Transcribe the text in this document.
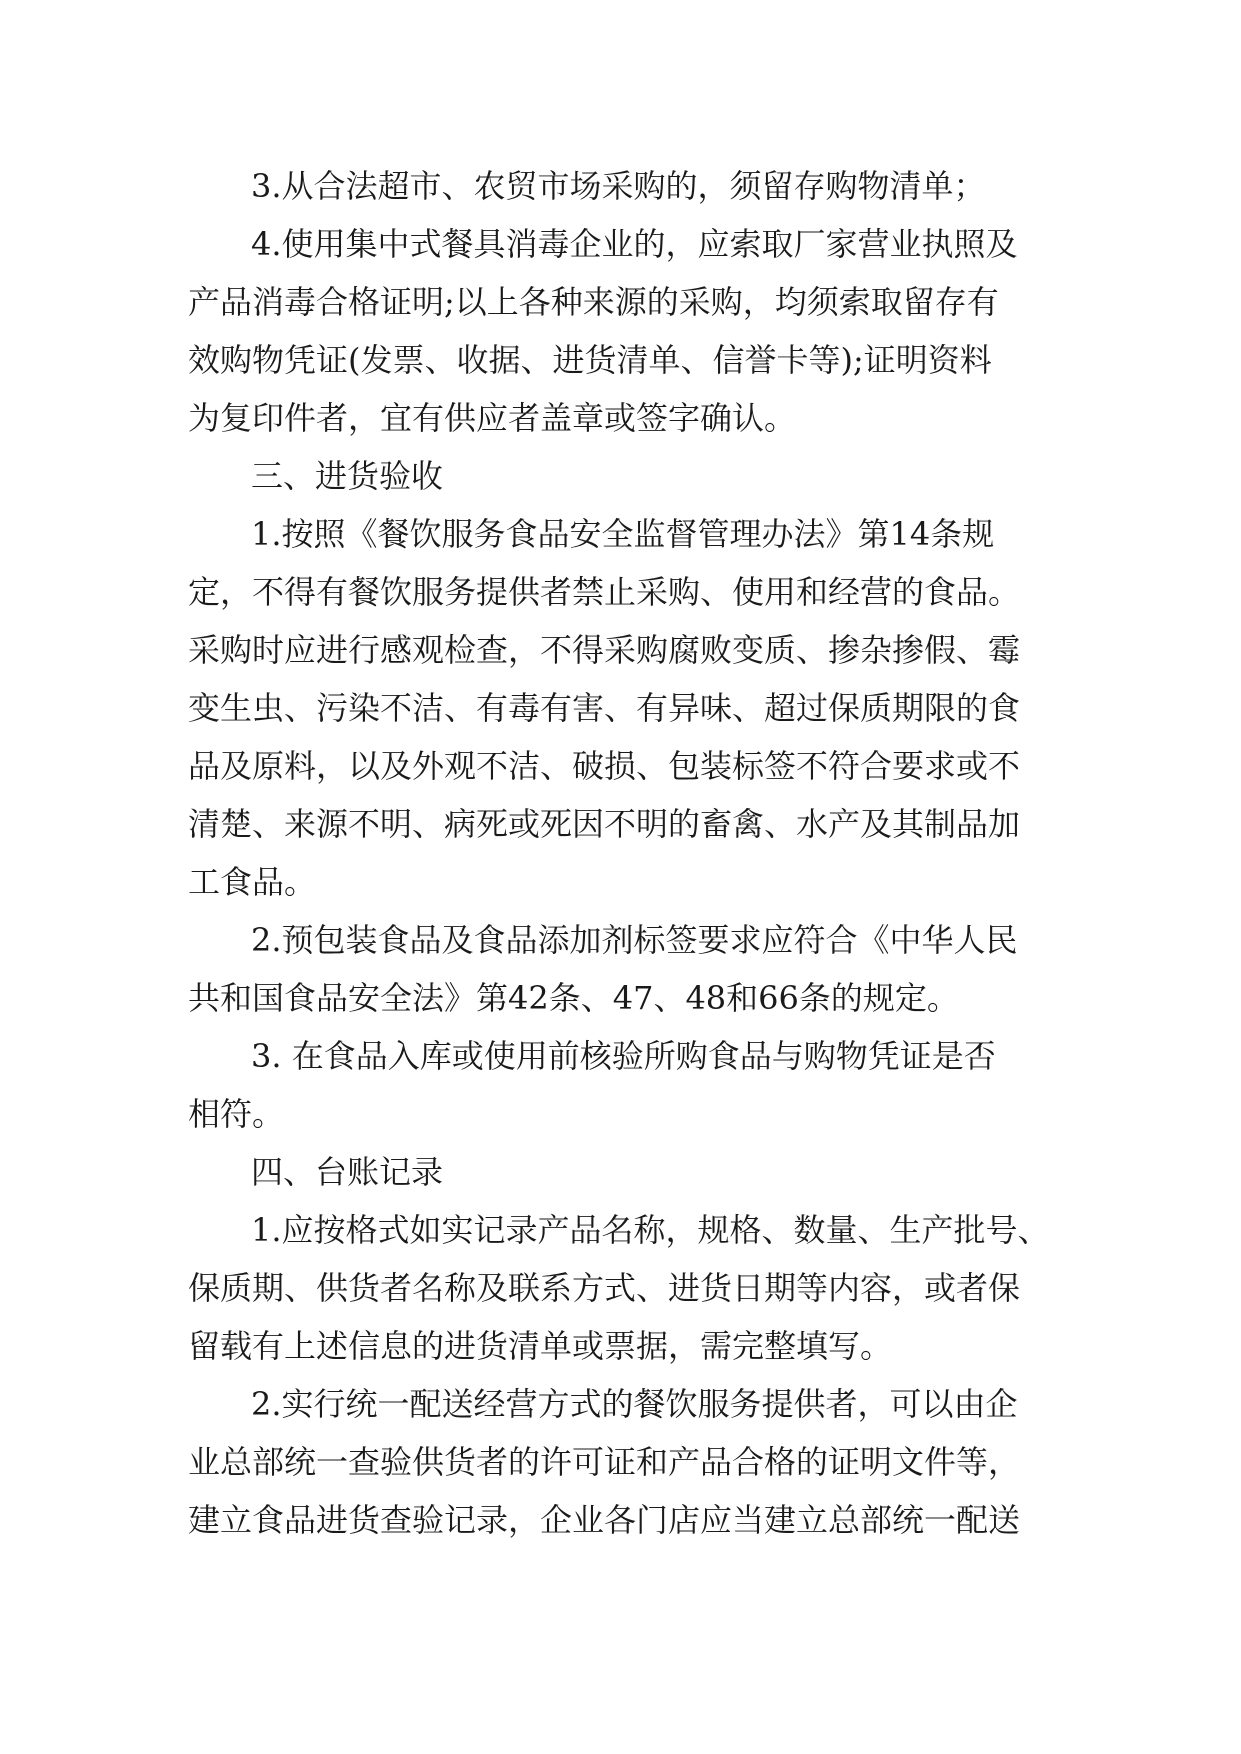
3.从合法超市、农贸市场采购的，须留存购物清单；
4.使用集中式餐具消毒企业的，应索取厂家营业执照及
产品消毒合格证明;以上各种来源的采购，均须索取留存有
效购物凭证(发票、收据、进货清单、信誉卡等);证明资料
为复印件者，宜有供应者盖章或签字确认。
三、进货验收
1.按照《餐饮服务食品安全监督管理办法》第14条规
定，不得有餐饮服务提供者禁止采购、使用和经营的食品。
采购时应进行感观检查，不得采购腐败变质、掺杂掺假、霉
变生虫、污染不洁、有毒有害、有异味、超过保质期限的食
品及原料，以及外观不洁、破损、包装标签不符合要求或不
清楚、来源不明、病死或死因不明的畜禽、水产及其制品加
工食品。
2.预包装食品及食品添加剂标签要求应符合《中华人民
共和国食品安全法》第42条、47、48和66条的规定。
3. 在食品入库或使用前核验所购食品与购物凭证是否
相符。
四、台账记录
1.应按格式如实记录产品名称，规格、数量、生产批号、
保质期、供货者名称及联系方式、进货日期等内容，或者保
留载有上述信息的进货清单或票据，需完整填写。
2.实行统一配送经营方式的餐饮服务提供者，可以由企
业总部统一查验供货者的许可证和产品合格的证明文件等，
建立食品进货查验记录，企业各门店应当建立总部统一配送
